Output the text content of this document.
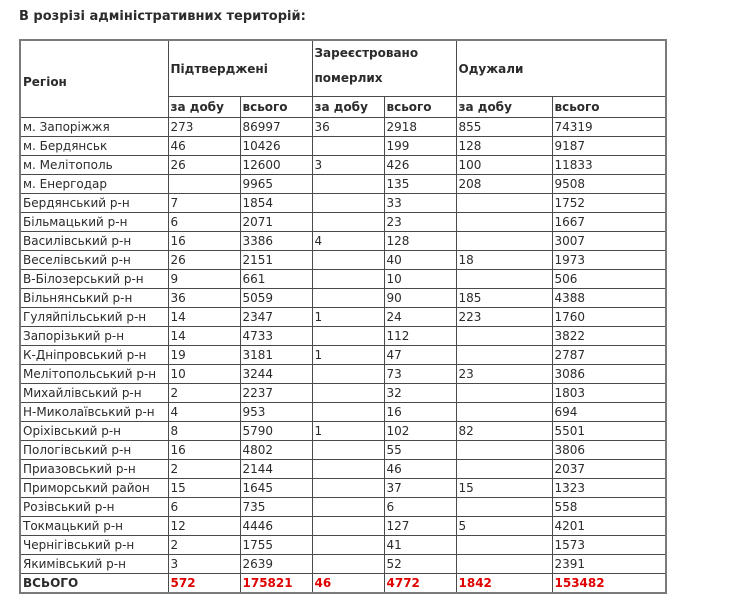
В розрізі адміністративних територій:
Регіон	Підтверджені		Зареєстровано померлих		Одужали	
	за добу	всього	за добу	всього	за добу	всього
м. Запоріжжя	273	86997	36	2918	855	74319
м. Бердянськ	46	10426		199	128	9187
м. Мелітополь	26	12600	3	426	100	11833
м. Енергодар		9965		135	208	9508
Бердянський р-н	7	1854		33		1752
Більмацький р-н	6	2071		23		1667
Василівський р-н	16	3386	4	128		3007
Веселівський р-н	26	2151		40	18	1973
В-Білозерський р-н	9	661		10		506
Вільнянський р-н	36	5059		90	185	4388
Гуляйпільський р-н	14	2347	1	24	223	1760
Запорізький р-н	14	4733		112		3822
К-Дніпровський р-н	19	3181	1	47		2787
Мелітопольський р-н	10	3244		73	23	3086
Михайлівський р-н	2	2237		32		1803
Н-Миколаївський р-н	4	953		16		694
Оріхівський р-н	8	5790	1	102	82	5501
Пологівський р-н	16	4802		55		3806
Приазовський р-н	2	2144		46		2037
Приморський район	15	1645		37	15	1323
Розівський р-н	6	735		6		558
Токмацький р-н	12	4446		127	5	4201
Чернігівський р-н	2	1755		41		1573
Якимівський р-н	3	2639		52		2391
ВСЬОГО	572	175821	46	4772	1842	153482
